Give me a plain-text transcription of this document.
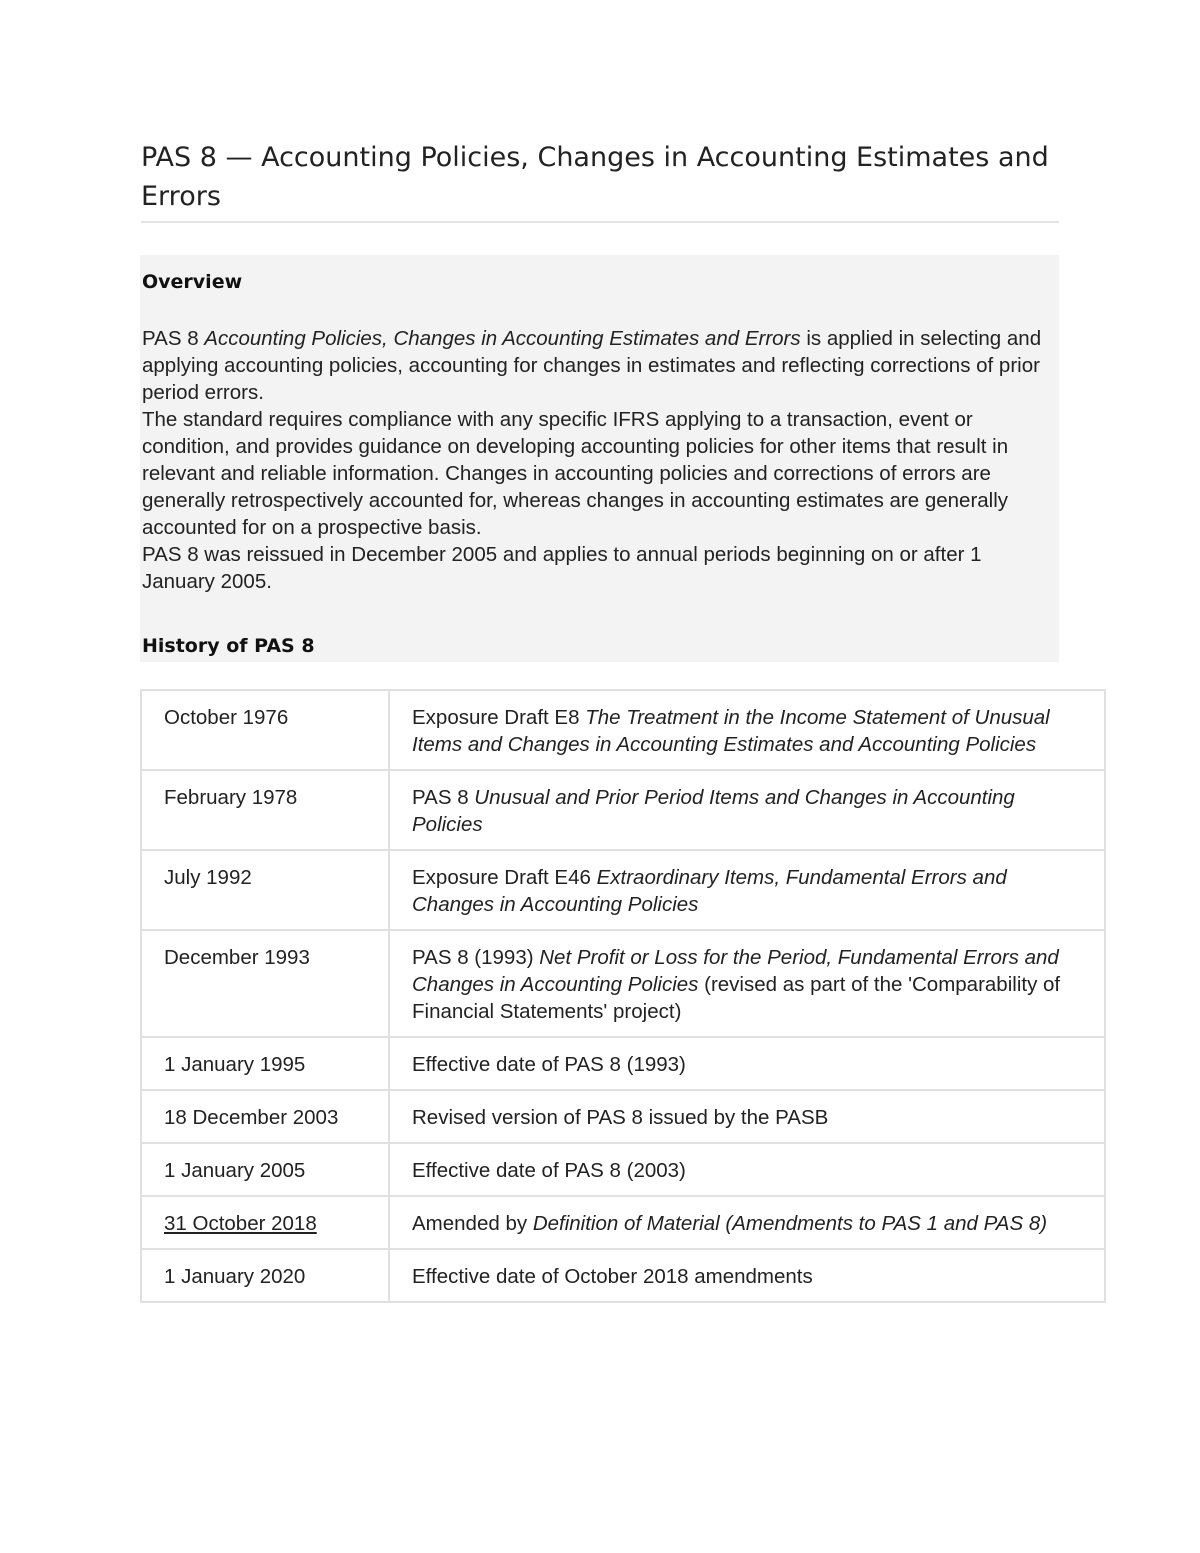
PAS 8 — Accounting Policies, Changes in Accounting Estimates and Errors
Overview

PAS 8 Accounting Policies, Changes in Accounting Estimates and Errors is applied in selecting and applying accounting policies, accounting for changes in estimates and reflecting corrections of prior period errors.

The standard requires compliance with any specific IFRS applying to a transaction, event or condition, and provides guidance on developing accounting policies for other items that result in relevant and reliable information. Changes in accounting policies and corrections of errors are generally retrospectively accounted for, whereas changes in accounting estimates are generally accounted for on a prospective basis.

PAS 8 was reissued in December 2005 and applies to annual periods beginning on or after 1 January 2005.

History of PAS 8
October 1976	Exposure Draft E8 The Treatment in the Income Statement of Unusual Items and Changes in Accounting Estimates and Accounting Policies
February 1978	PAS 8 Unusual and Prior Period Items and Changes in Accounting Policies
July 1992	Exposure Draft E46 Extraordinary Items, Fundamental Errors and Changes in Accounting Policies
December 1993	PAS 8 (1993) Net Profit or Loss for the Period, Fundamental Errors and Changes in Accounting Policies (revised as part of the 'Comparability of Financial Statements' project)
1 January 1995	Effective date of PAS 8 (1993)
18 December 2003	Revised version of PAS 8 issued by the PASB
1 January 2005	Effective date of PAS 8 (2003)
31 October 2018	Amended by Definition of Material (Amendments to PAS 1 and PAS 8)
1 January 2020	Effective date of October 2018 amendments
